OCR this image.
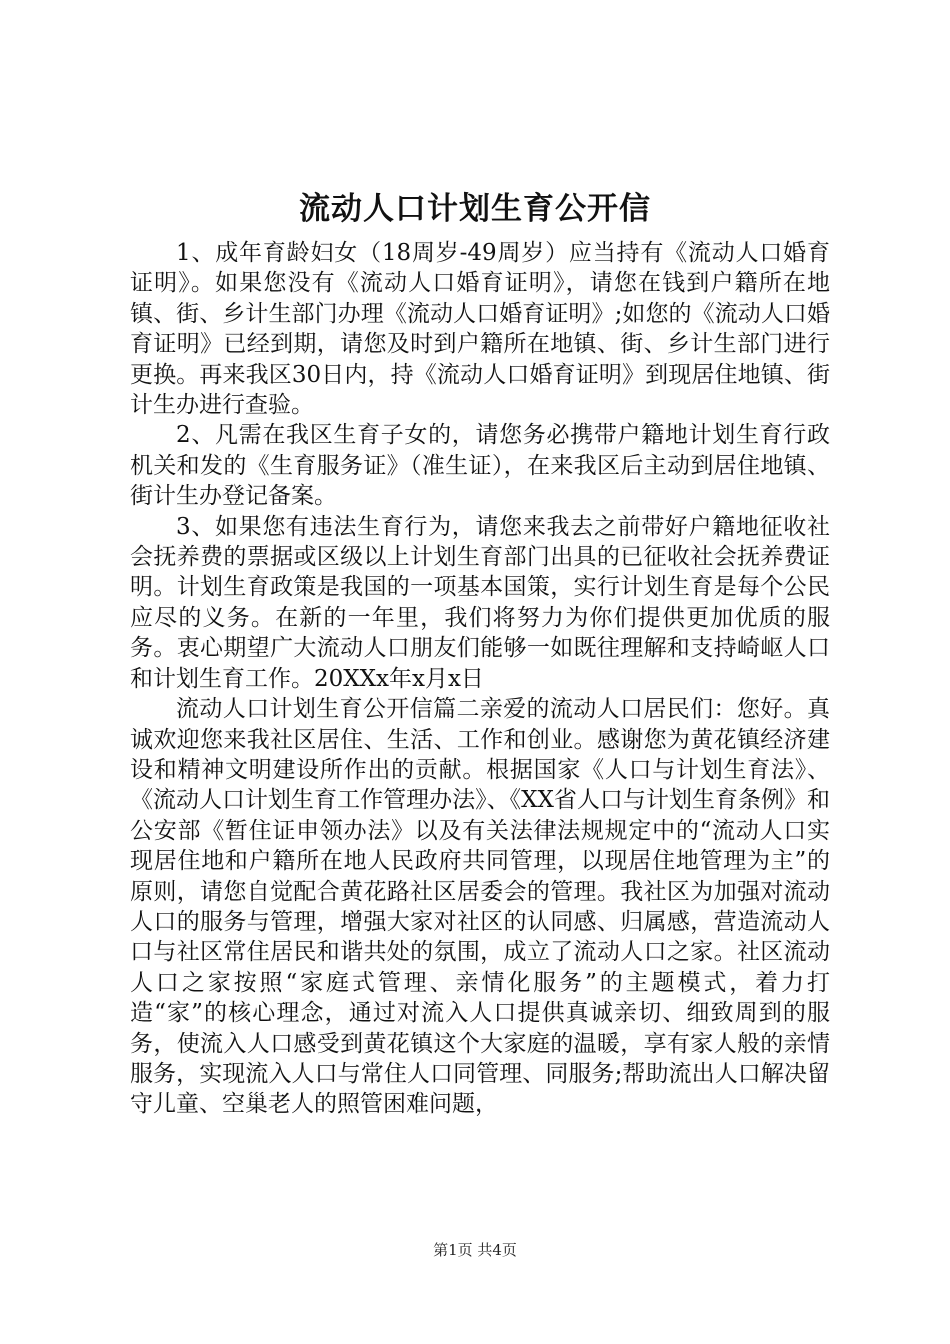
流动人口计划生育公开信

1、成年育龄妇女（18周岁-49周岁）应当持有《流动人口婚育证明》。如果您没有《流动人口婚育证明》，请您在钱到户籍所在地镇、街、乡计生部门办理《流动人口婚育证明》;如您的《流动人口婚育证明》已经到期，请您及时到户籍所在地镇、街、乡计生部门进行更换。再来我区30日内，持《流动人口婚育证明》到现居住地镇、街计生办进行查验。

2、凡需在我区生育子女的，请您务必携带户籍地计划生育行政机关和发的《生育服务证》（准生证），在来我区后主动到居住地镇、街计生办登记备案。

3、如果您有违法生育行为，请您来我去之前带好户籍地征收社会抚养费的票据或区级以上计划生育部门出具的已征收社会抚养费证明。计划生育政策是我国的一项基本国策，实行计划生育是每个公民应尽的义务。在新的一年里，我们将努力为你们提供更加优质的服务。衷心期望广大流动人口朋友们能够一如既往理解和支持崎岖人口和计划生育工作。20XXx年x月x日

流动人口计划生育公开信篇二亲爱的流动人口居民们：您好。真诚欢迎您来我社区居住、生活、工作和创业。感谢您为黄花镇经济建设和精神文明建设所作出的贡献。根据国家《人口与计划生育法》、《流动人口计划生育工作管理办法》、《XX省人口与计划生育条例》和公安部《暂住证申领办法》以及有关法律法规规定中的“流动人口实现居住地和户籍所在地人民政府共同管理，以现居住地管理为主”的原则，请您自觉配合黄花路社区居委会的管理。我社区为加强对流动人口的服务与管理，增强大家对社区的认同感、归属感，营造流动人口与社区常住居民和谐共处的氛围，成立了流动人口之家。社区流动人口之家按照“家庭式管理、亲情化服务”的主题模式，着力打造“家”的核心理念，通过对流入人口提供真诚亲切、细致周到的服务，使流入人口感受到黄花镇这个大家庭的温暖，享有家人般的亲情服务，实现流入人口与常住人口同管理、同服务;帮助流出人口解决留守儿童、空巢老人的照管困难问题，

第1页 共4页
